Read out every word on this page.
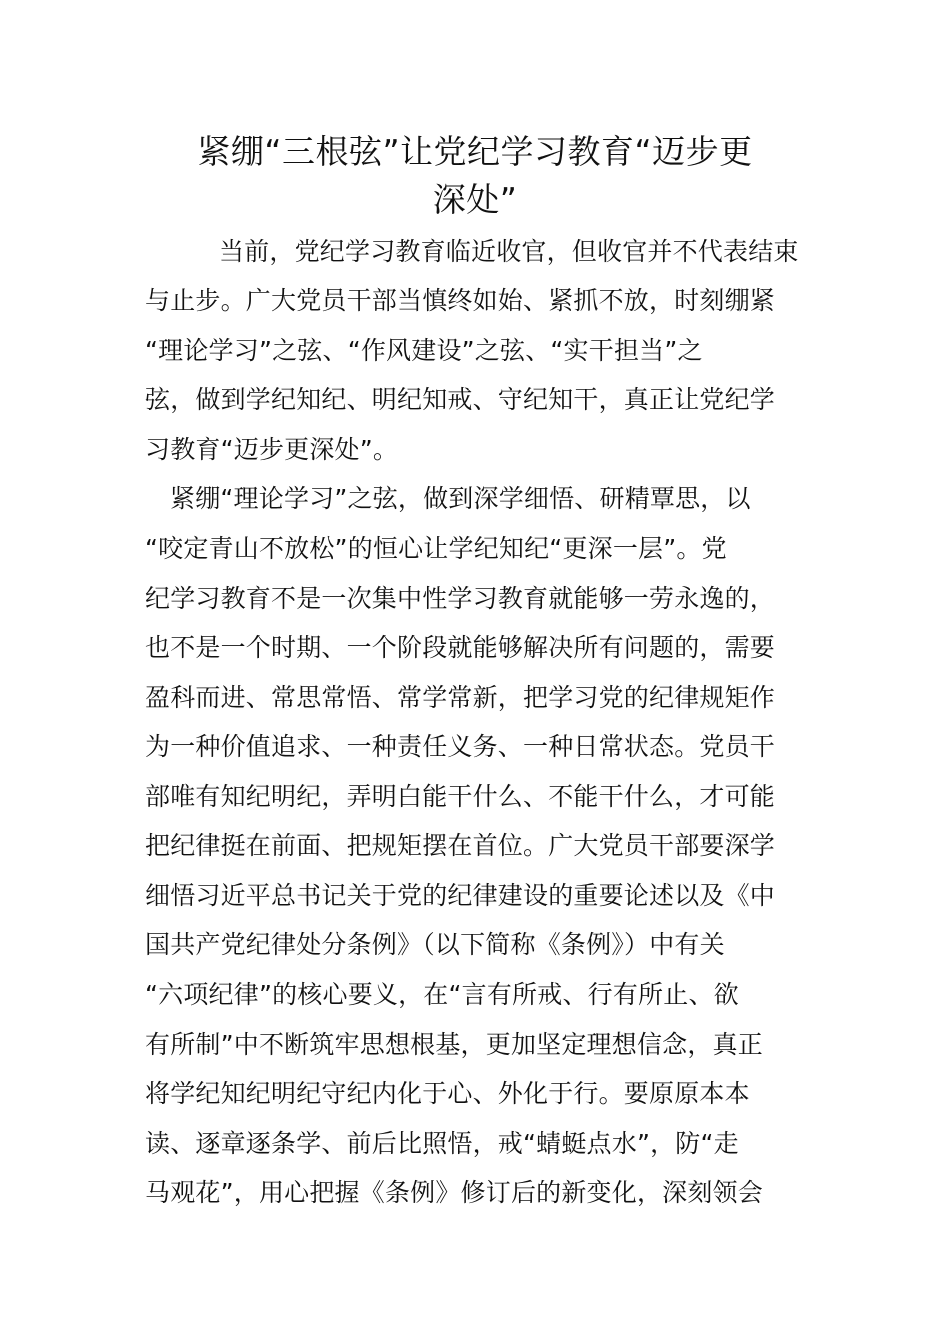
紧绷“三根弦”让党纪学习教育“迈步更
深处”
当前，党纪学习教育临近收官，但收官并不代表结束
与止步。广大党员干部当慎终如始、紧抓不放，时刻绷紧
“理论学习”之弦、“作风建设”之弦、“实干担当”之
弦，做到学纪知纪、明纪知戒、守纪知干，真正让党纪学
习教育“迈步更深处”。
紧绷“理论学习”之弦，做到深学细悟、研精覃思，以
“咬定青山不放松”的恒心让学纪知纪“更深一层”。党
纪学习教育不是一次集中性学习教育就能够一劳永逸的，
也不是一个时期、一个阶段就能够解决所有问题的，需要
盈科而进、常思常悟、常学常新，把学习党的纪律规矩作
为一种价值追求、一种责任义务、一种日常状态。党员干
部唯有知纪明纪，弄明白能干什么、不能干什么，才可能
把纪律挺在前面、把规矩摆在首位。广大党员干部要深学
细悟习近平总书记关于党的纪律建设的重要论述以及《中
国共产党纪律处分条例》（以下简称《条例》）中有关
“六项纪律”的核心要义，在“言有所戒、行有所止、欲
有所制”中不断筑牢思想根基，更加坚定理想信念，真正
将学纪知纪明纪守纪内化于心、外化于行。要原原本本
读、逐章逐条学、前后比照悟，戒“蜻蜓点水”，防“走
马观花”，用心把握《条例》修订后的新变化，深刻领会
